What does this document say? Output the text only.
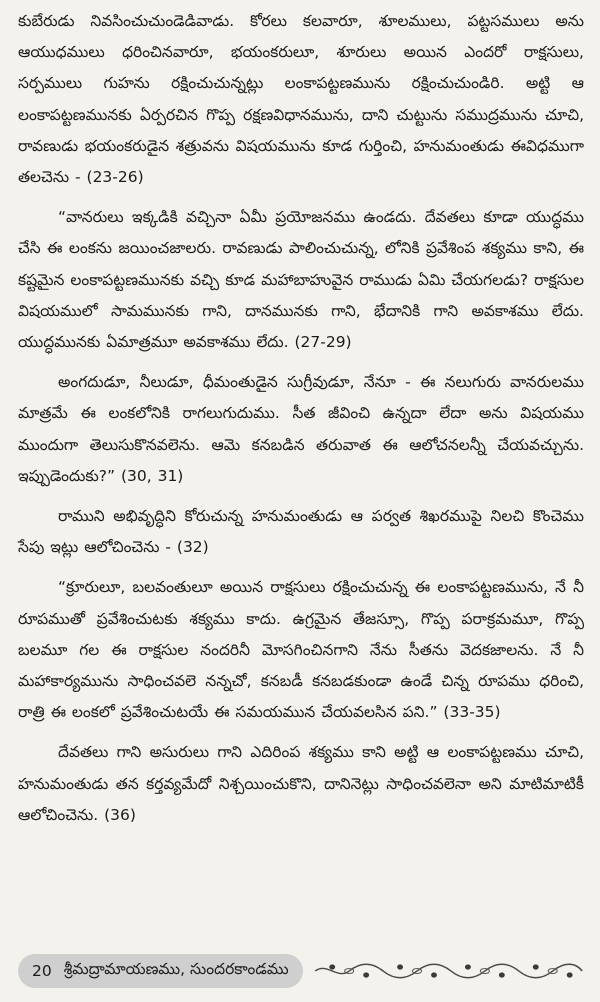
కుబేరుడు నివసించుచుండెడివాడు. కోరలు కలవారూ, శూలములు, పట్టసములు అను ఆయుధములు ధరించినవారూ, భయంకరులూ, శూరులు అయిన ఎందరో రాక్షసులు, సర్పములు గుహను రక్షించుచున్నట్లు లంకాపట్టణమును రక్షించుచుండిరి. అట్టి ఆ లంకాపట్టణమునకు ఏర్పరచిన గొప్ప రక్షణవిధానమును, దాని చుట్టును సముద్రమును చూచి, రావణుడు భయంకరుడైన శత్రువను విషయమును కూడ గుర్తించి, హనుమంతుడు ఈవిధముగా తలచెను - (23-26)

“వానరులు ఇక్కడికి వచ్చినా ఏమీ ప్రయోజనము ఉండదు. దేవతలు కూడా యుద్ధము చేసి ఈ లంకను జయించజాలరు. రావణుడు పాలించుచున్న, లోనికి ప్రవేశింప శక్యము కాని, ఈ కష్టమైన లంకాపట్టణమునకు వచ్చి కూడ మహాబాహువైన రాముడు ఏమి చేయగలడు? రాక్షసుల విషయములో సామమునకు గాని, దానమునకు గాని, భేదానికి గాని అవకాశము లేదు. యుద్ధమునకు ఏమాత్రమూ అవకాశము లేదు. (27-29)

అంగదుడూ, నీలుడూ, ధీమంతుడైన సుగ్రీవుడూ, నేనూ - ఈ నలుగురు వానరులము మాత్రమే ఈ లంకలోనికి రాగలుగుదుము. సీత జీవించి ఉన్నదా లేదా అను విషయము ముందుగా తెలుసుకొనవలెను. ఆమె కనబడిన తరువాత ఈ ఆలోచనలన్నీ చేయవచ్చును. ఇప్పుడెందుకు?” (30, 31)

రాముని అభివృద్ధిని కోరుచున్న హనుమంతుడు ఆ పర్వత శిఖరముపై నిలచి కొంచెము సేపు ఇట్లు ఆలోచించెను - (32)

“క్రూరులూ, బలవంతులూ అయిన రాక్షసులు రక్షించుచున్న ఈ లంకాపట్టణమును, నే నీ రూపముతో ప్రవేశించుటకు శక్యము కాదు. ఉగ్రమైన తేజస్సూ, గొప్ప పరాక్రమమూ, గొప్ప బలమూ గల ఈ రాక్షసుల నందరినీ మోసగించినగాని నేను సీతను వెదకజాలను. నే నీ మహాకార్యమును సాధించవలె నన్నచో, కనబడీ కనబడకుండా ఉండే చిన్న రూపము ధరించి, రాత్రి ఈ లంకలో ప్రవేశించుటయే ఈ సమయమున చేయవలసిన పని.” (33-35)

దేవతలు గాని అసురులు గాని ఎదిరింప శక్యము కాని అట్టి ఆ లంకాపట్టణము చూచి, హనుమంతుడు తన కర్తవ్యమేదో నిశ్చయించుకొని, దానినెట్లు సాధించవలెనా అని మాటిమాటికీ ఆలోచించెను. (36)

20 శ్రీమద్రామాయణము, సుందరకాండము
